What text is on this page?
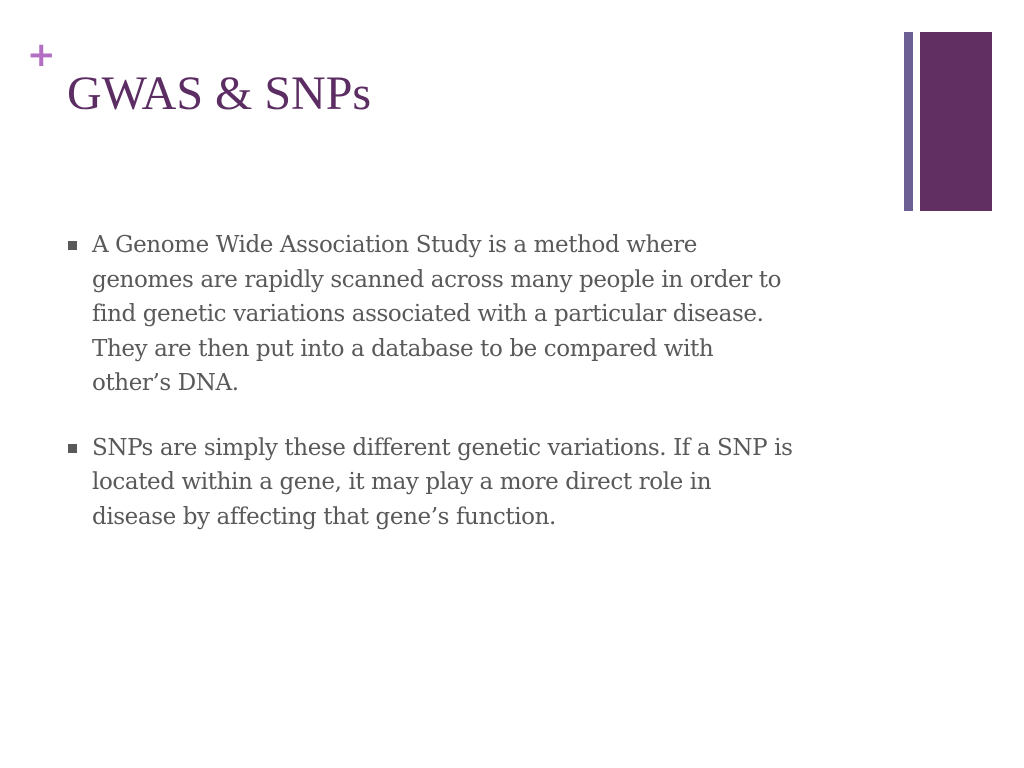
+
GWAS & SNPs
A Genome Wide Association Study is a method where
genomes are rapidly scanned across many people in order to
find genetic variations associated with a particular disease.
They are then put into a database to be compared with
other’s DNA.
SNPs are simply these different genetic variations. If a SNP is
located within a gene, it may play a more direct role in
disease by affecting that gene’s function.
